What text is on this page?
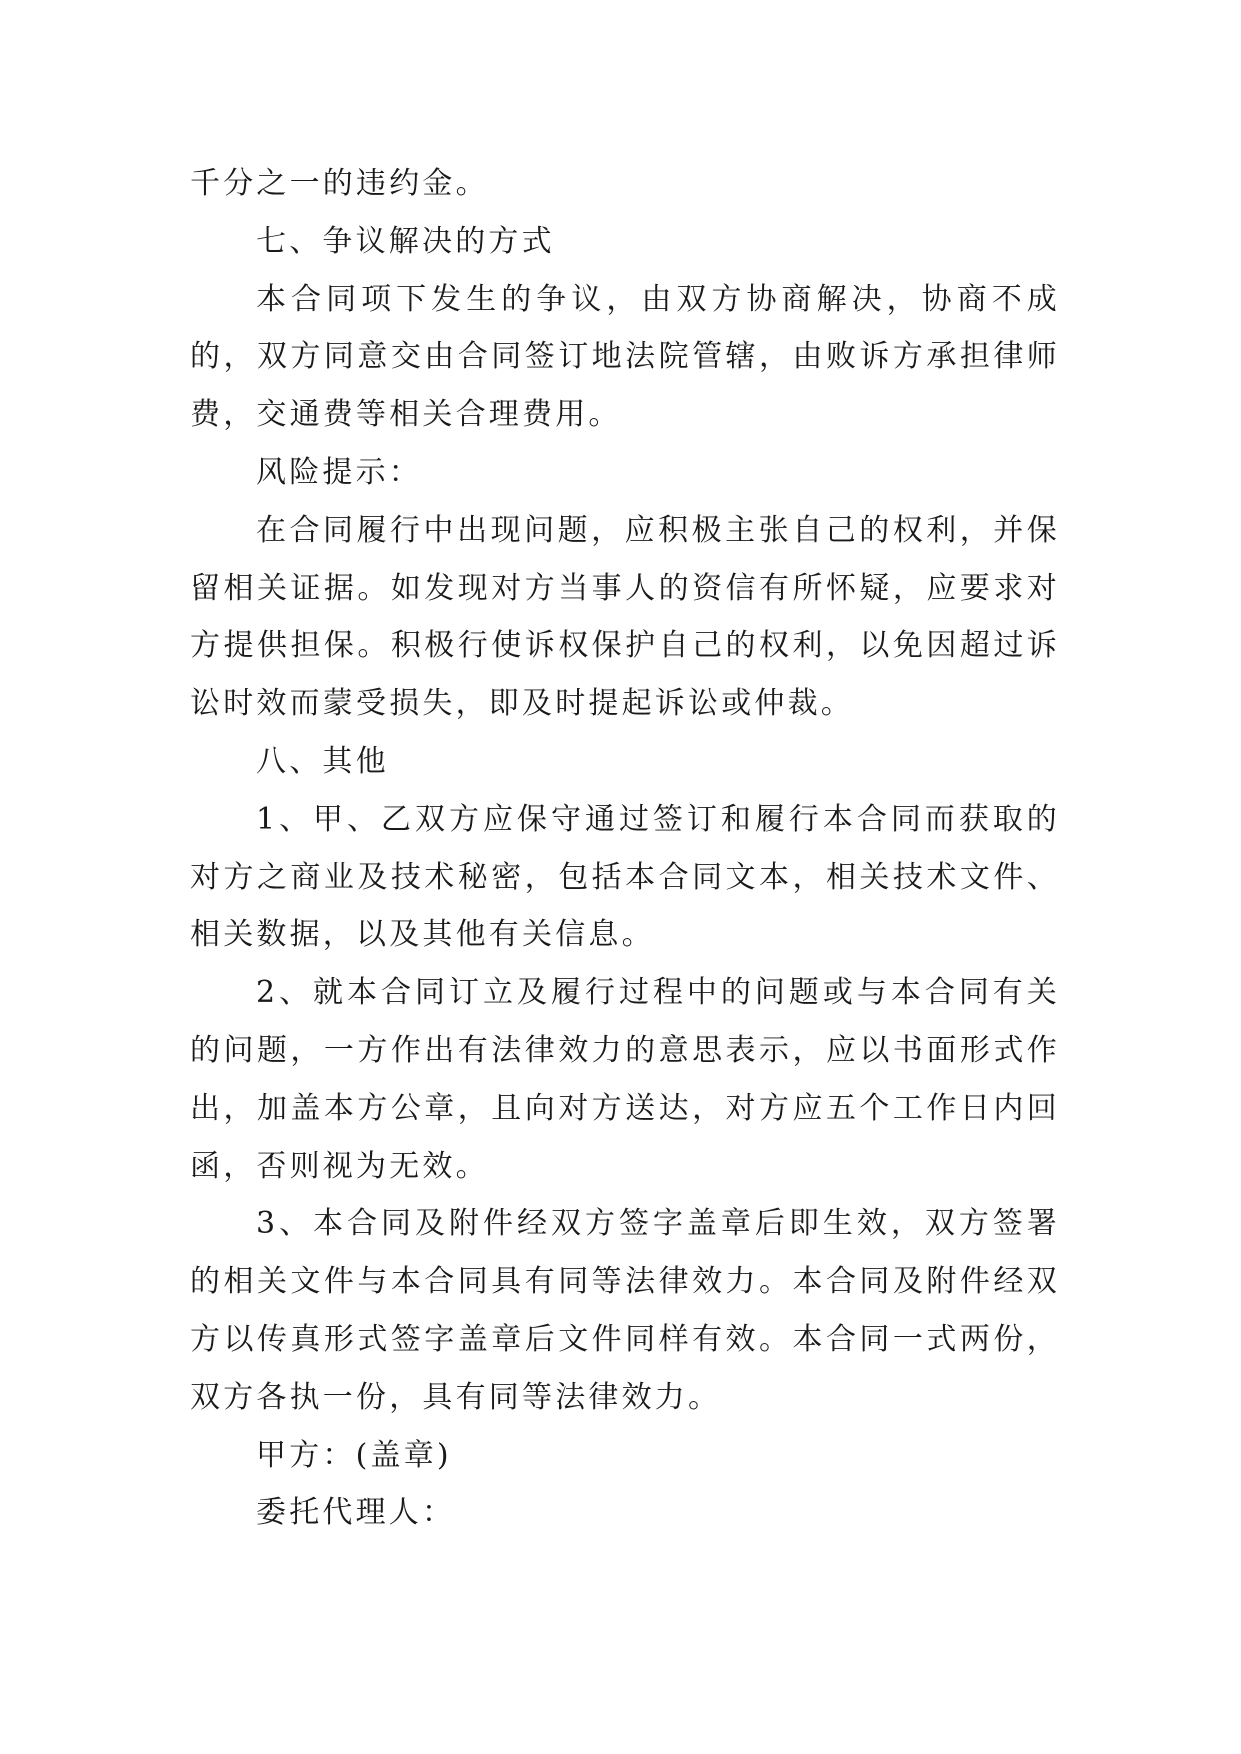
千分之一的违约金。

七、争议解决的方式

本合同项下发生的争议，由双方协商解决，协商不成的，双方同意交由合同签订地法院管辖，由败诉方承担律师费，交通费等相关合理费用。

风险提示：

在合同履行中出现问题，应积极主张自己的权利，并保留相关证据。如发现对方当事人的资信有所怀疑，应要求对方提供担保。积极行使诉权保护自己的权利，以免因超过诉讼时效而蒙受损失，即及时提起诉讼或仲裁。

八、其他

1、甲、乙双方应保守通过签订和履行本合同而获取的对方之商业及技术秘密，包括本合同文本，相关技术文件、相关数据，以及其他有关信息。

2、就本合同订立及履行过程中的问题或与本合同有关的问题，一方作出有法律效力的意思表示，应以书面形式作出，加盖本方公章，且向对方送达，对方应五个工作日内回函，否则视为无效。

3、本合同及附件经双方签字盖章后即生效，双方签署的相关文件与本合同具有同等法律效力。本合同及附件经双方以传真形式签字盖章后文件同样有效。本合同一式两份，双方各执一份，具有同等法律效力。

甲方：(盖章)

委托代理人：
